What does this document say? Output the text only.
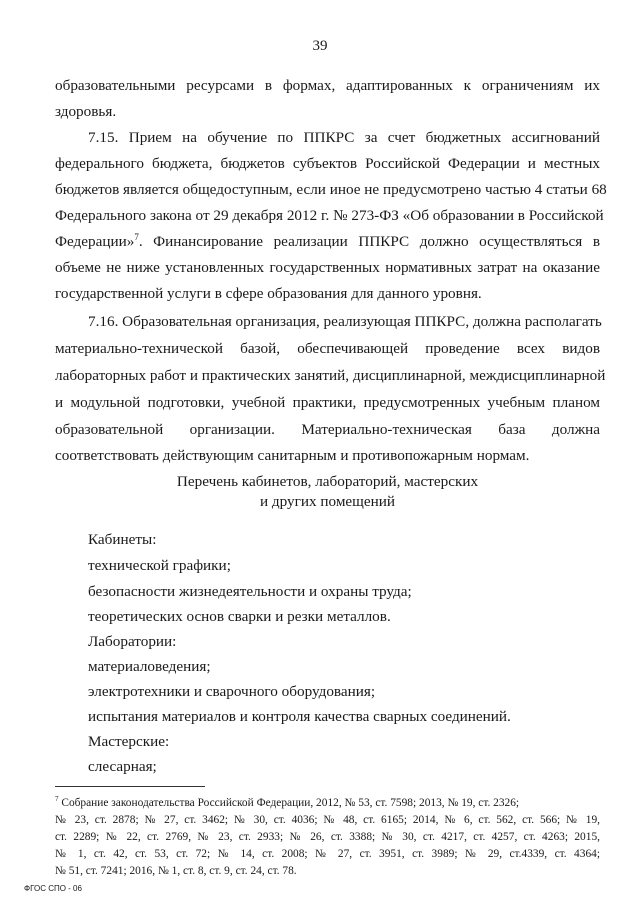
39
образовательными ресурсами в формах, адаптированных к ограничениям их
здоровья.
7.15. Прием на обучение по ППКРС за счет бюджетных ассигнований
федерального бюджета, бюджетов субъектов Российской Федерации и местных
бюджетов является общедоступным, если иное не предусмотрено частью 4 статьи 68
Федерального закона от 29 декабря 2012 г. № 273-ФЗ «Об образовании в Российской
Федерации»$^7$. Финансирование реализации ППКРС должно осуществляться в
объеме не ниже установленных государственных нормативных затрат на оказание
государственной услуги в сфере образования для данного уровня.
7.16. Образовательная организация, реализующая ППКРС, должна располагать
материально-технической базой, обеспечивающей проведение всех видов
лабораторных работ и практических занятий, дисциплинарной, междисциплинарной
и модульной подготовки, учебной практики, предусмотренных учебным планом
образовательной организации. Материально-техническая база должна
соответствовать действующим санитарным и противопожарным нормам.
Перечень кабинетов, лабораторий, мастерских
и других помещений
Кабинеты:
технической графики;
безопасности жизнедеятельности и охраны труда;
теоретических основ сварки и резки металлов.
Лаборатории:
материаловедения;
электротехники и сварочного оборудования;
испытания материалов и контроля качества сварных соединений.
Мастерские:
слесарная;
$^7$ Собрание законодательства Российской Федерации, 2012, № 53, ст. 7598; 2013, № 19, ст. 2326;
№ 23, ст. 2878; № 27, ст. 3462; № 30, ст. 4036; № 48, ст. 6165; 2014, № 6, ст. 562, ст. 566; № 19,
ст. 2289; № 22, ст. 2769, № 23, ст. 2933; № 26, ст. 3388; № 30, ст. 4217, ст. 4257, ст. 4263; 2015,
№ 1, ст. 42, ст. 53, ст. 72; № 14, ст. 2008; № 27, ст. 3951, ст. 3989; № 29, ст.4339, ст. 4364;
№ 51, ст. 7241; 2016, № 1, ст. 8, ст. 9, ст. 24, ст. 78.
ФГОС СПО - 06
